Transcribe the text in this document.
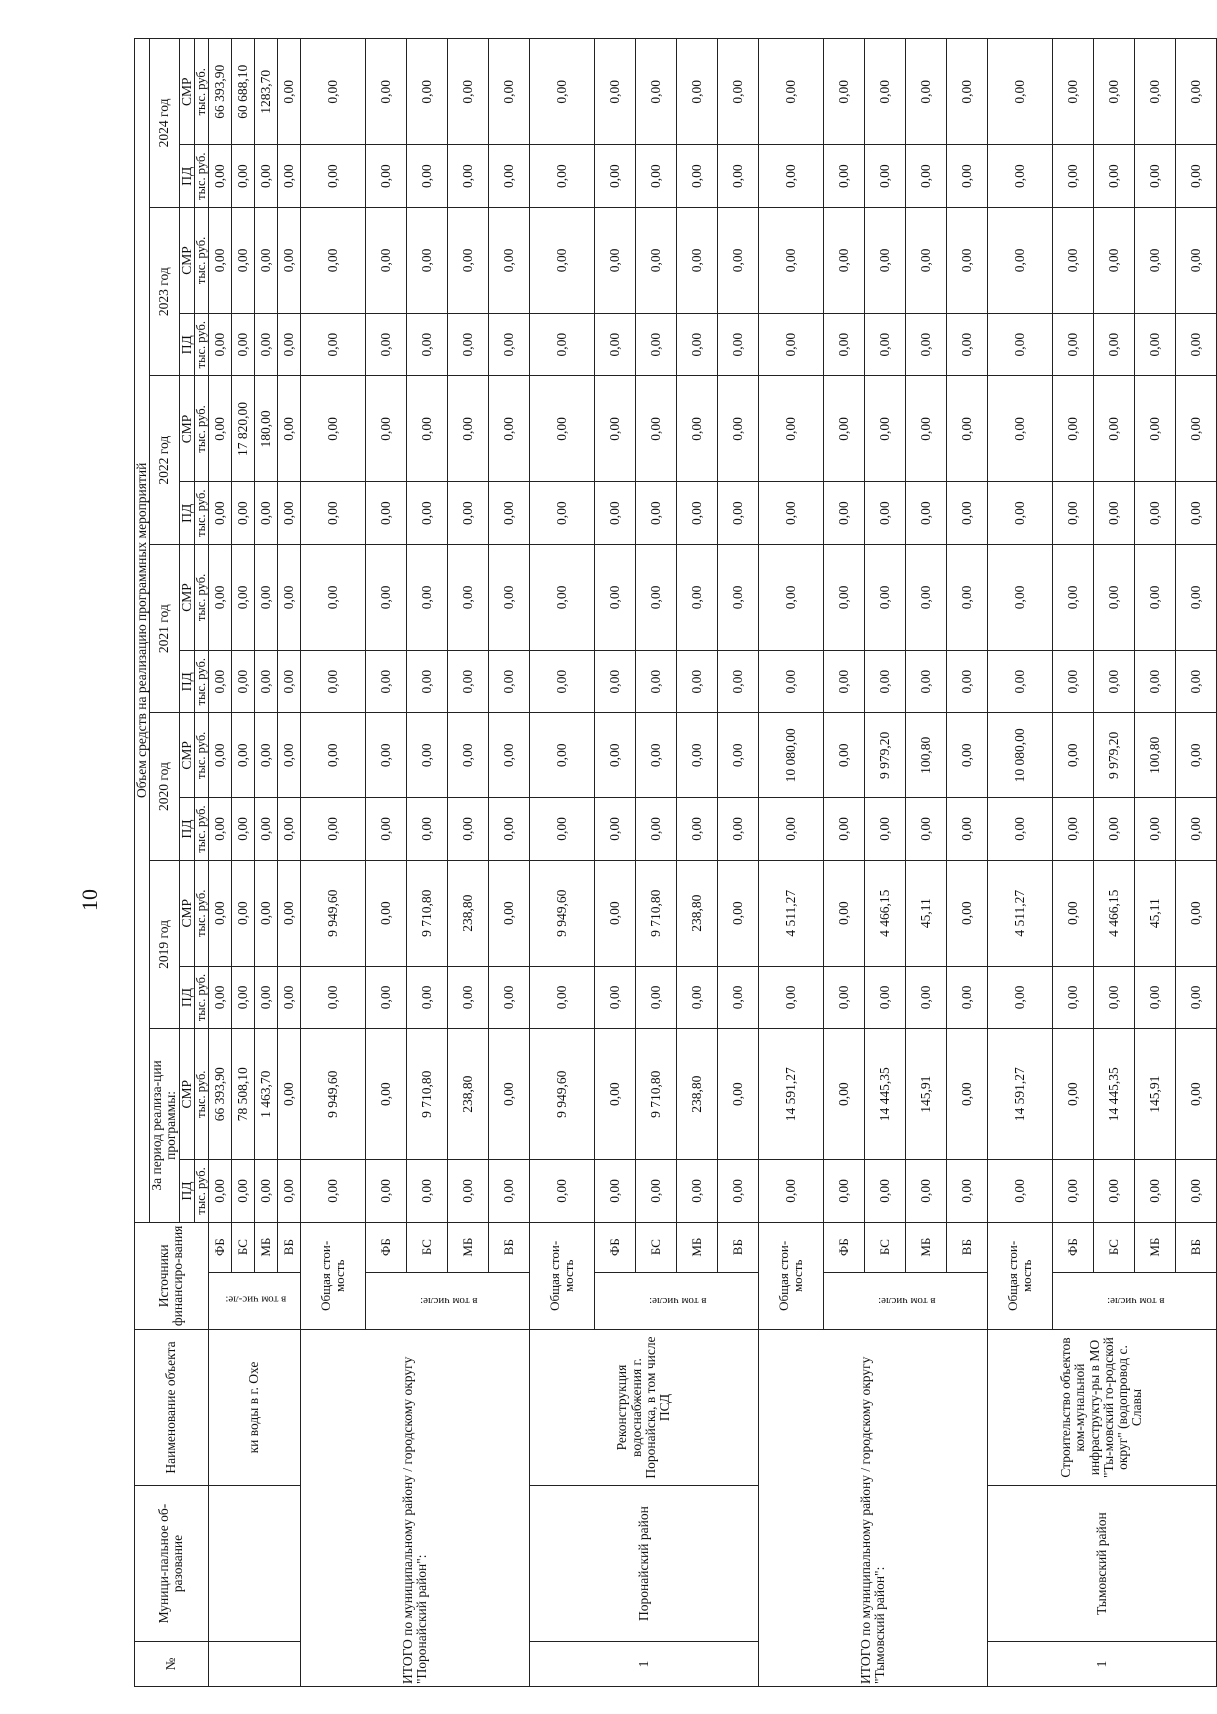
10
№	Муници-пальное об-разование	Наименование объекта	Источники финансиро-вания		Объем средств на реализацию программных мероприятий													
					За период реализа-ции программы:		2019 год		2020 год		2021 год		2022 год		2023 год		2024 год	
					ПД	СМР	ПД	СМР	ПД	СМР	ПД	СМР	ПД	СМР	ПД	СМР	ПД	СМР
					тыс. руб.	тыс. руб.	тыс. руб.	тыс. руб.	тыс. руб.	тыс. руб.	тыс. руб.	тыс. руб.	тыс. руб.	тыс. руб.	тыс. руб.	тыс. руб.	тыс. руб.	тыс. руб.
		ки воды в г. Охе	в том чис-ле:	ФБ	0,00	66 393,90	0,00	0,00	0,00	0,00	0,00	0,00	0,00	0,00	0,00	0,00	0,00	66 393,90
				БС	0,00	78 508,10	0,00	0,00	0,00	0,00	0,00	0,00	0,00	17 820,00	0,00	0,00	0,00	60 688,10
				МБ	0,00	1 463,70	0,00	0,00	0,00	0,00	0,00	0,00	0,00	180,00	0,00	0,00	0,00	1283,70
				ВБ	0,00	0,00	0,00	0,00	0,00	0,00	0,00	0,00	0,00	0,00	0,00	0,00	0,00	0,00
ИТОГО по муниципальному району / городскому округу "Поронайский район":			Общая стои-мость		0,00	9 949,60	0,00	9 949,60	0,00	0,00	0,00	0,00	0,00	0,00	0,00	0,00	0,00	0,00
			в том числе:	ФБ	0,00	0,00	0,00	0,00	0,00	0,00	0,00	0,00	0,00	0,00	0,00	0,00	0,00	0,00
				БС	0,00	9 710,80	0,00	9 710,80	0,00	0,00	0,00	0,00	0,00	0,00	0,00	0,00	0,00	0,00
				МБ	0,00	238,80	0,00	238,80	0,00	0,00	0,00	0,00	0,00	0,00	0,00	0,00	0,00	0,00
				ВБ	0,00	0,00	0,00	0,00	0,00	0,00	0,00	0,00	0,00	0,00	0,00	0,00	0,00	0,00
1	Поронайский район	Реконструкция водоснабжения г. Поронайска, в том числе ПСД	Общая стои-мость		0,00	9 949,60	0,00	9 949,60	0,00	0,00	0,00	0,00	0,00	0,00	0,00	0,00	0,00	0,00
			в том числе:	ФБ	0,00	0,00	0,00	0,00	0,00	0,00	0,00	0,00	0,00	0,00	0,00	0,00	0,00	0,00
				БС	0,00	9 710,80	0,00	9 710,80	0,00	0,00	0,00	0,00	0,00	0,00	0,00	0,00	0,00	0,00
				МБ	0,00	238,80	0,00	238,80	0,00	0,00	0,00	0,00	0,00	0,00	0,00	0,00	0,00	0,00
				ВБ	0,00	0,00	0,00	0,00	0,00	0,00	0,00	0,00	0,00	0,00	0,00	0,00	0,00	0,00
ИТОГО по муниципальному району / городскому округу "Тымовский район":			Общая стои-мость		0,00	14 591,27	0,00	4 511,27	0,00	10 080,00	0,00	0,00	0,00	0,00	0,00	0,00	0,00	0,00
			в том числе:	ФБ	0,00	0,00	0,00	0,00	0,00	0,00	0,00	0,00	0,00	0,00	0,00	0,00	0,00	0,00
				БС	0,00	14 445,35	0,00	4 466,15	0,00	9 979,20	0,00	0,00	0,00	0,00	0,00	0,00	0,00	0,00
				МБ	0,00	145,91	0,00	45,11	0,00	100,80	0,00	0,00	0,00	0,00	0,00	0,00	0,00	0,00
				ВБ	0,00	0,00	0,00	0,00	0,00	0,00	0,00	0,00	0,00	0,00	0,00	0,00	0,00	0,00
1	Тымовский район	Строительство объектов ком-мунальной инфраструкту-ры в МО "Ты-мовский го-родской округ" (водопровод с. Славы	Общая стои-мость		0,00	14 591,27	0,00	4 511,27	0,00	10 080,00	0,00	0,00	0,00	0,00	0,00	0,00	0,00	0,00
			в том числе:	ФБ	0,00	0,00	0,00	0,00	0,00	0,00	0,00	0,00	0,00	0,00	0,00	0,00	0,00	0,00
				БС	0,00	14 445,35	0,00	4 466,15	0,00	9 979,20	0,00	0,00	0,00	0,00	0,00	0,00	0,00	0,00
				МБ	0,00	145,91	0,00	45,11	0,00	100,80	0,00	0,00	0,00	0,00	0,00	0,00	0,00	0,00
				ВБ	0,00	0,00	0,00	0,00	0,00	0,00	0,00	0,00	0,00	0,00	0,00	0,00	0,00	0,00
